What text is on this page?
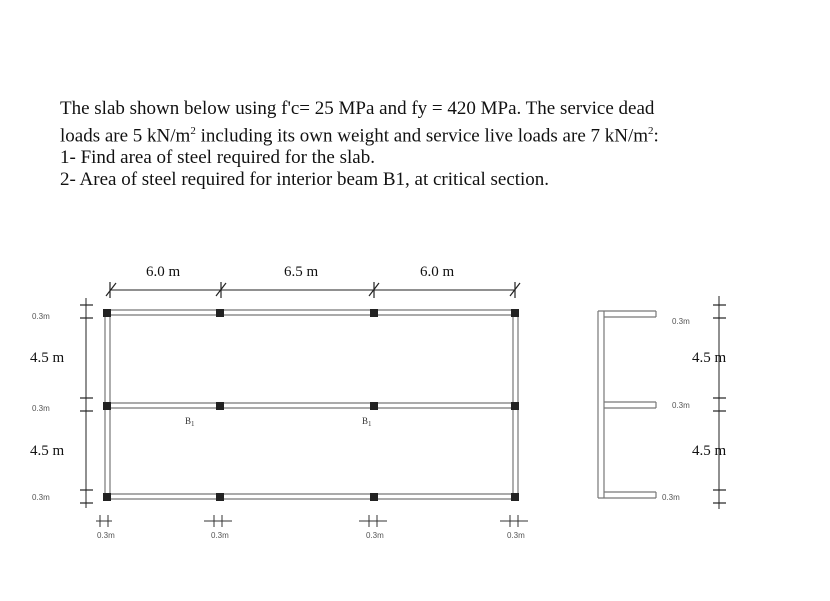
The slab shown below using f'c= 25 MPa and fy = 420 MPa. The service dead

loads are 5 $kN/m^2$ including its own weight and service live loads are 7 $kN/m^2$:

1- Find area of steel required for the slab.

2- Area of steel required for interior beam B1, at critical section.

6.0 m	6.5 m	6.0 m
4.5 m
4.5 m
0.3m
0.3m
0.3m
0.3m	0.3m	0.3m	0.3m
$B_1$	$B_1$
4.5 m
4.5 m
0.3m
0.3m
0.3m
